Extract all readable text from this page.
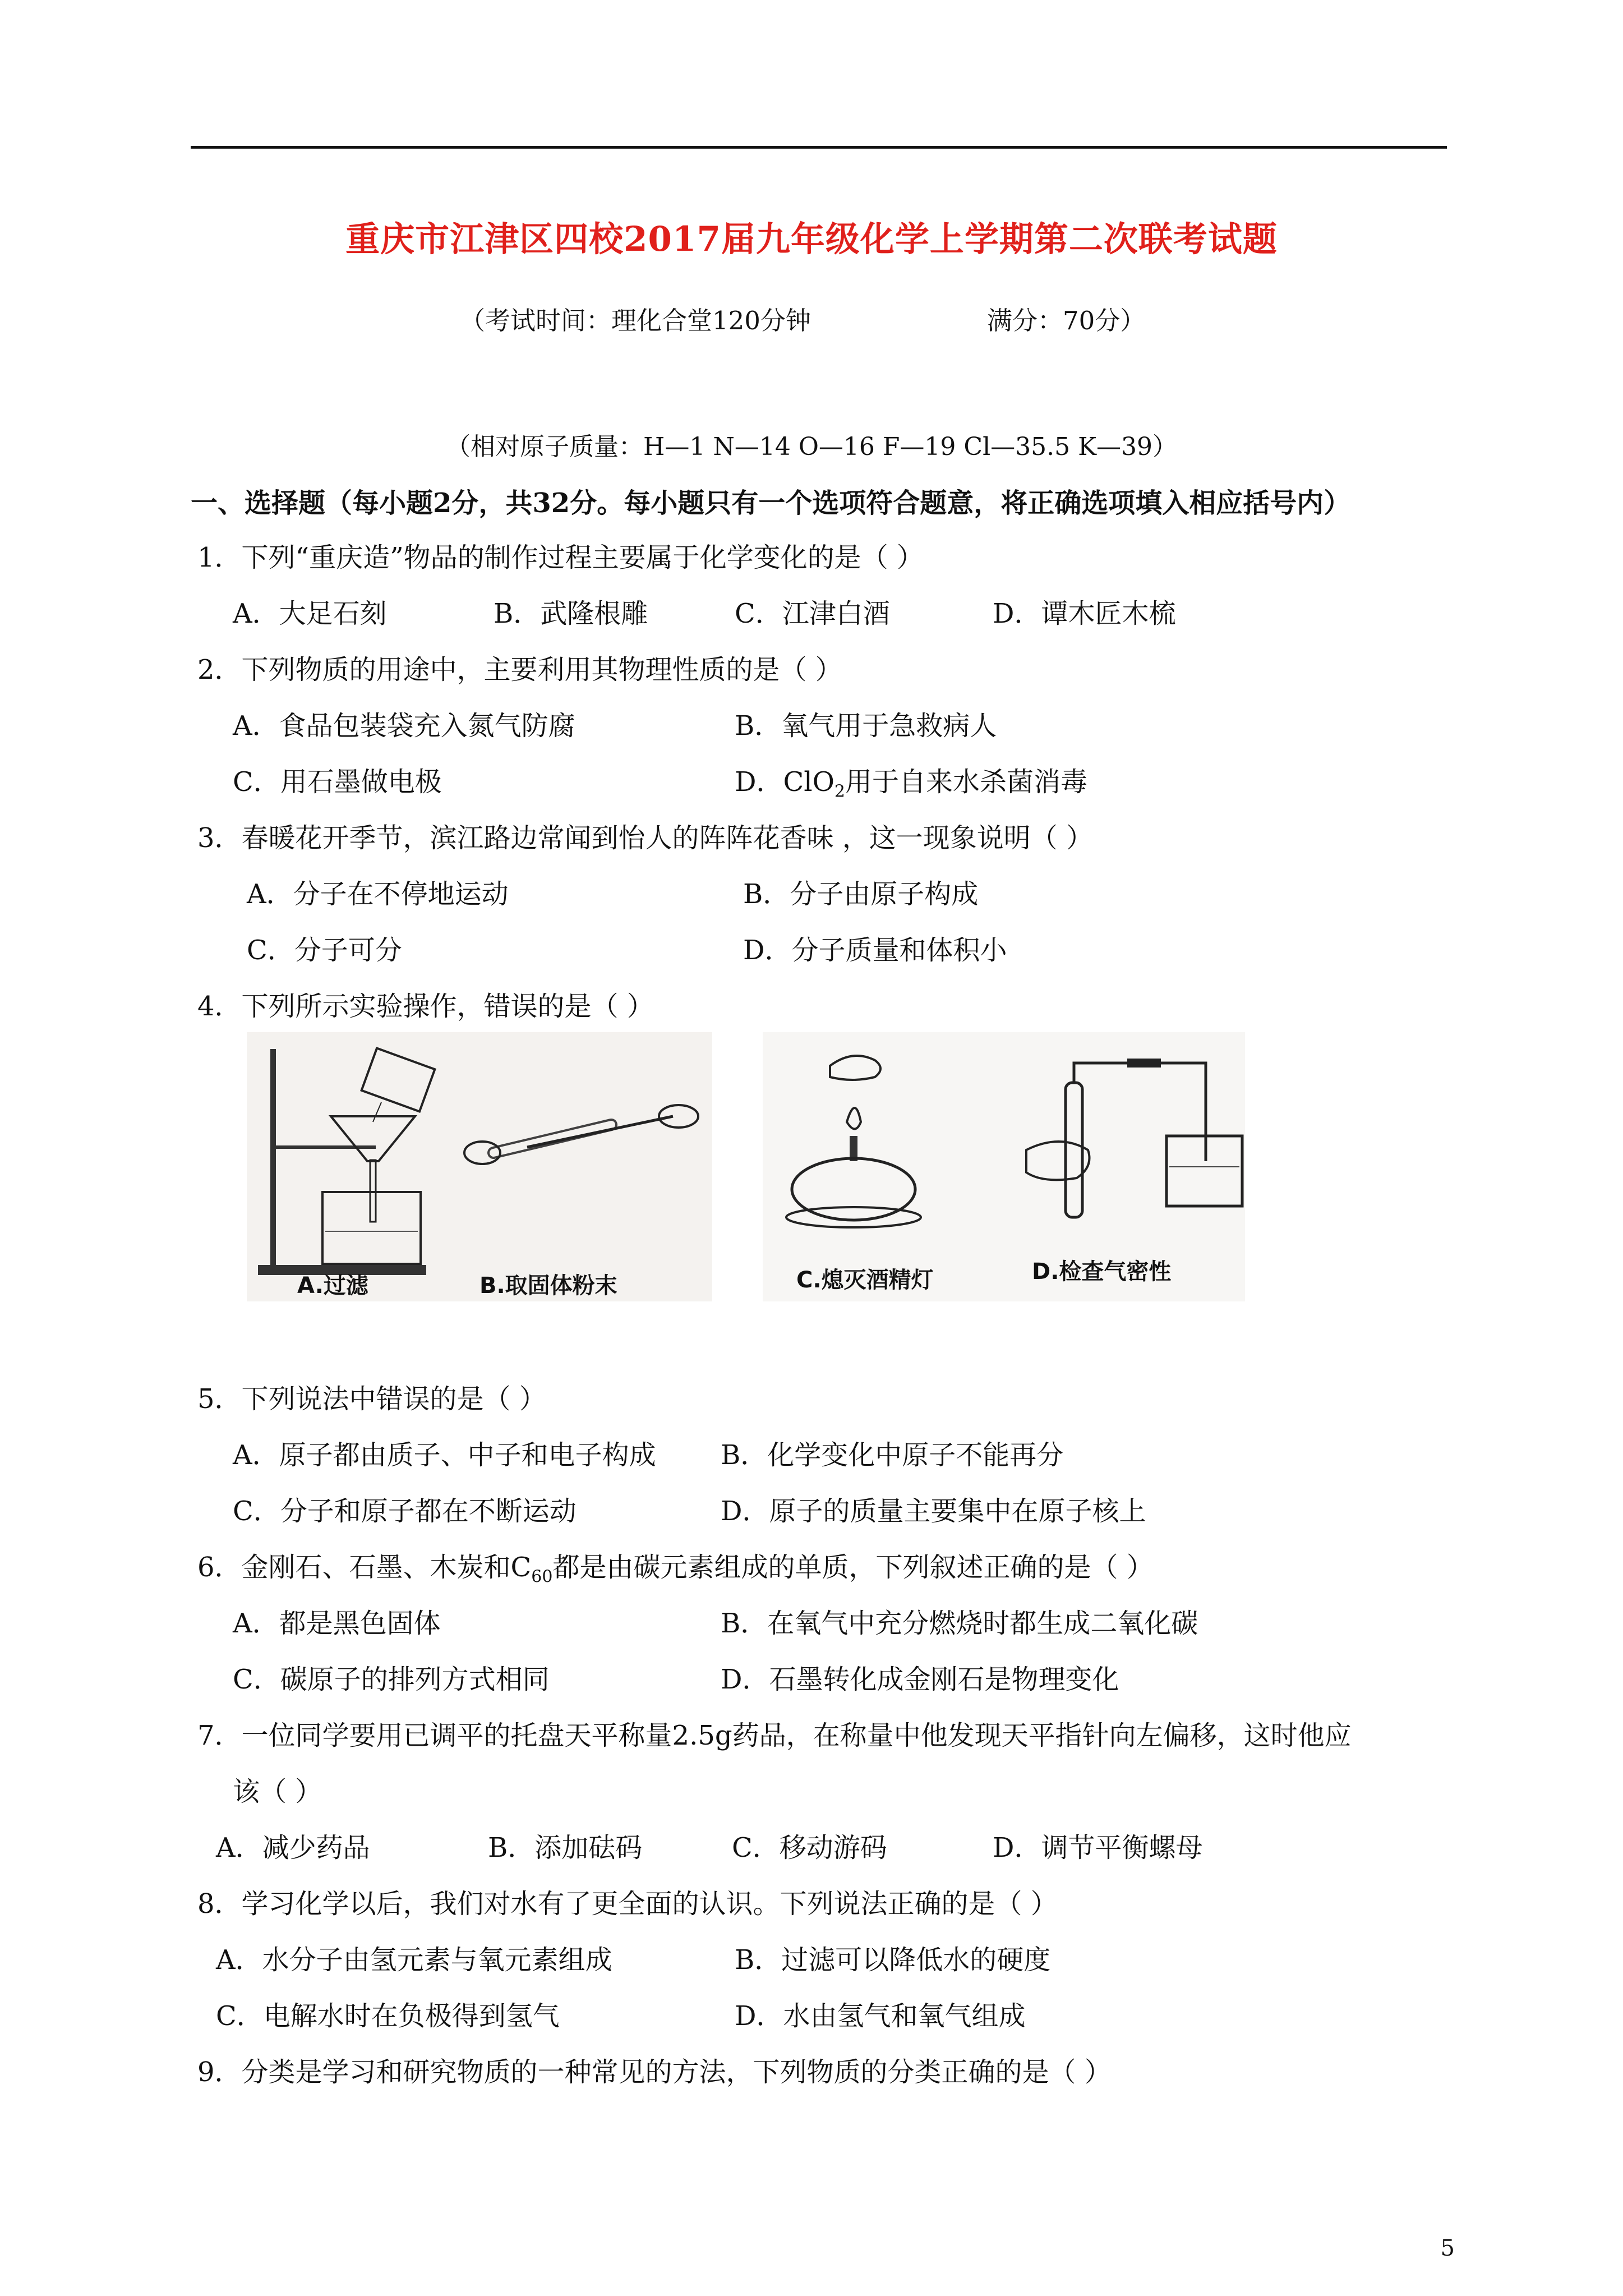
重庆市江津区四校2017届九年级化学上学期第二次联考试题
（考试时间：理化合堂120分钟	满分：70分）
（相对原子质量：H—1 N—14 O—16 F—19 Cl—35.5 K—39）
一、选择题（每小题2分，共32分。每小题只有一个选项符合题意，将正确选项填入相应括号内）
1．下列“重庆造”物品的制作过程主要属于化学变化的是（ ）
A．大足石刻	B．武隆根雕	C．江津白酒	D．谭木匠木梳
2．下列物质的用途中，主要利用其物理性质的是（ ）
A．食品包装袋充入氮气防腐	B．氧气用于急救病人
C．用石墨做电极	D．ClO$_2$用于自来水杀菌消毒
3．春暖花开季节，滨江路边常闻到怡人的阵阵花香味 ，这一现象说明（ ）
A．分子在不停地运动	B．分子由原子构成
C．分子可分	D．分子质量和体积小
4．下列所示实验操作，错误的是（ ）
A.过滤	B.取固体粉末	C.熄灭酒精灯	D.检查气密性
5．下列说法中错误的是（ ）
A．原子都由质子、中子和电子构成 B．化学变化中原子不能再分
C．分子和原子都在不断运动	D．原子的质量主要集中在原子核上
6．金刚石、石墨、木炭和$C_{60}$都是由碳元素组成的单质，下列叙述正确的是（ ）
A．都是黑色固体	B．在氧气中充分燃烧时都生成二氧化碳
C．碳原子的排列方式相同	D．石墨转化成金刚石是物理变化
7．一位同学要用已调平的托盘天平称量2.5g药品，在称量中他发现天平指针向左偏移，这时他应
该（ ）
A．减少药品	B．添加砝码	C．移动游码	D．调节平衡螺母
8．学习化学以后，我们对水有了更全面的认识。下列说法正确的是（ ）
A．水分子由氢元素与氧元素组成	B．过滤可以降低水的硬度
C．电解水时在负极得到氢气	D．水由氢气和氧气组成
9．分类是学习和研究物质的一种常见的方法，下列物质的分类正确的是（ ）
5
